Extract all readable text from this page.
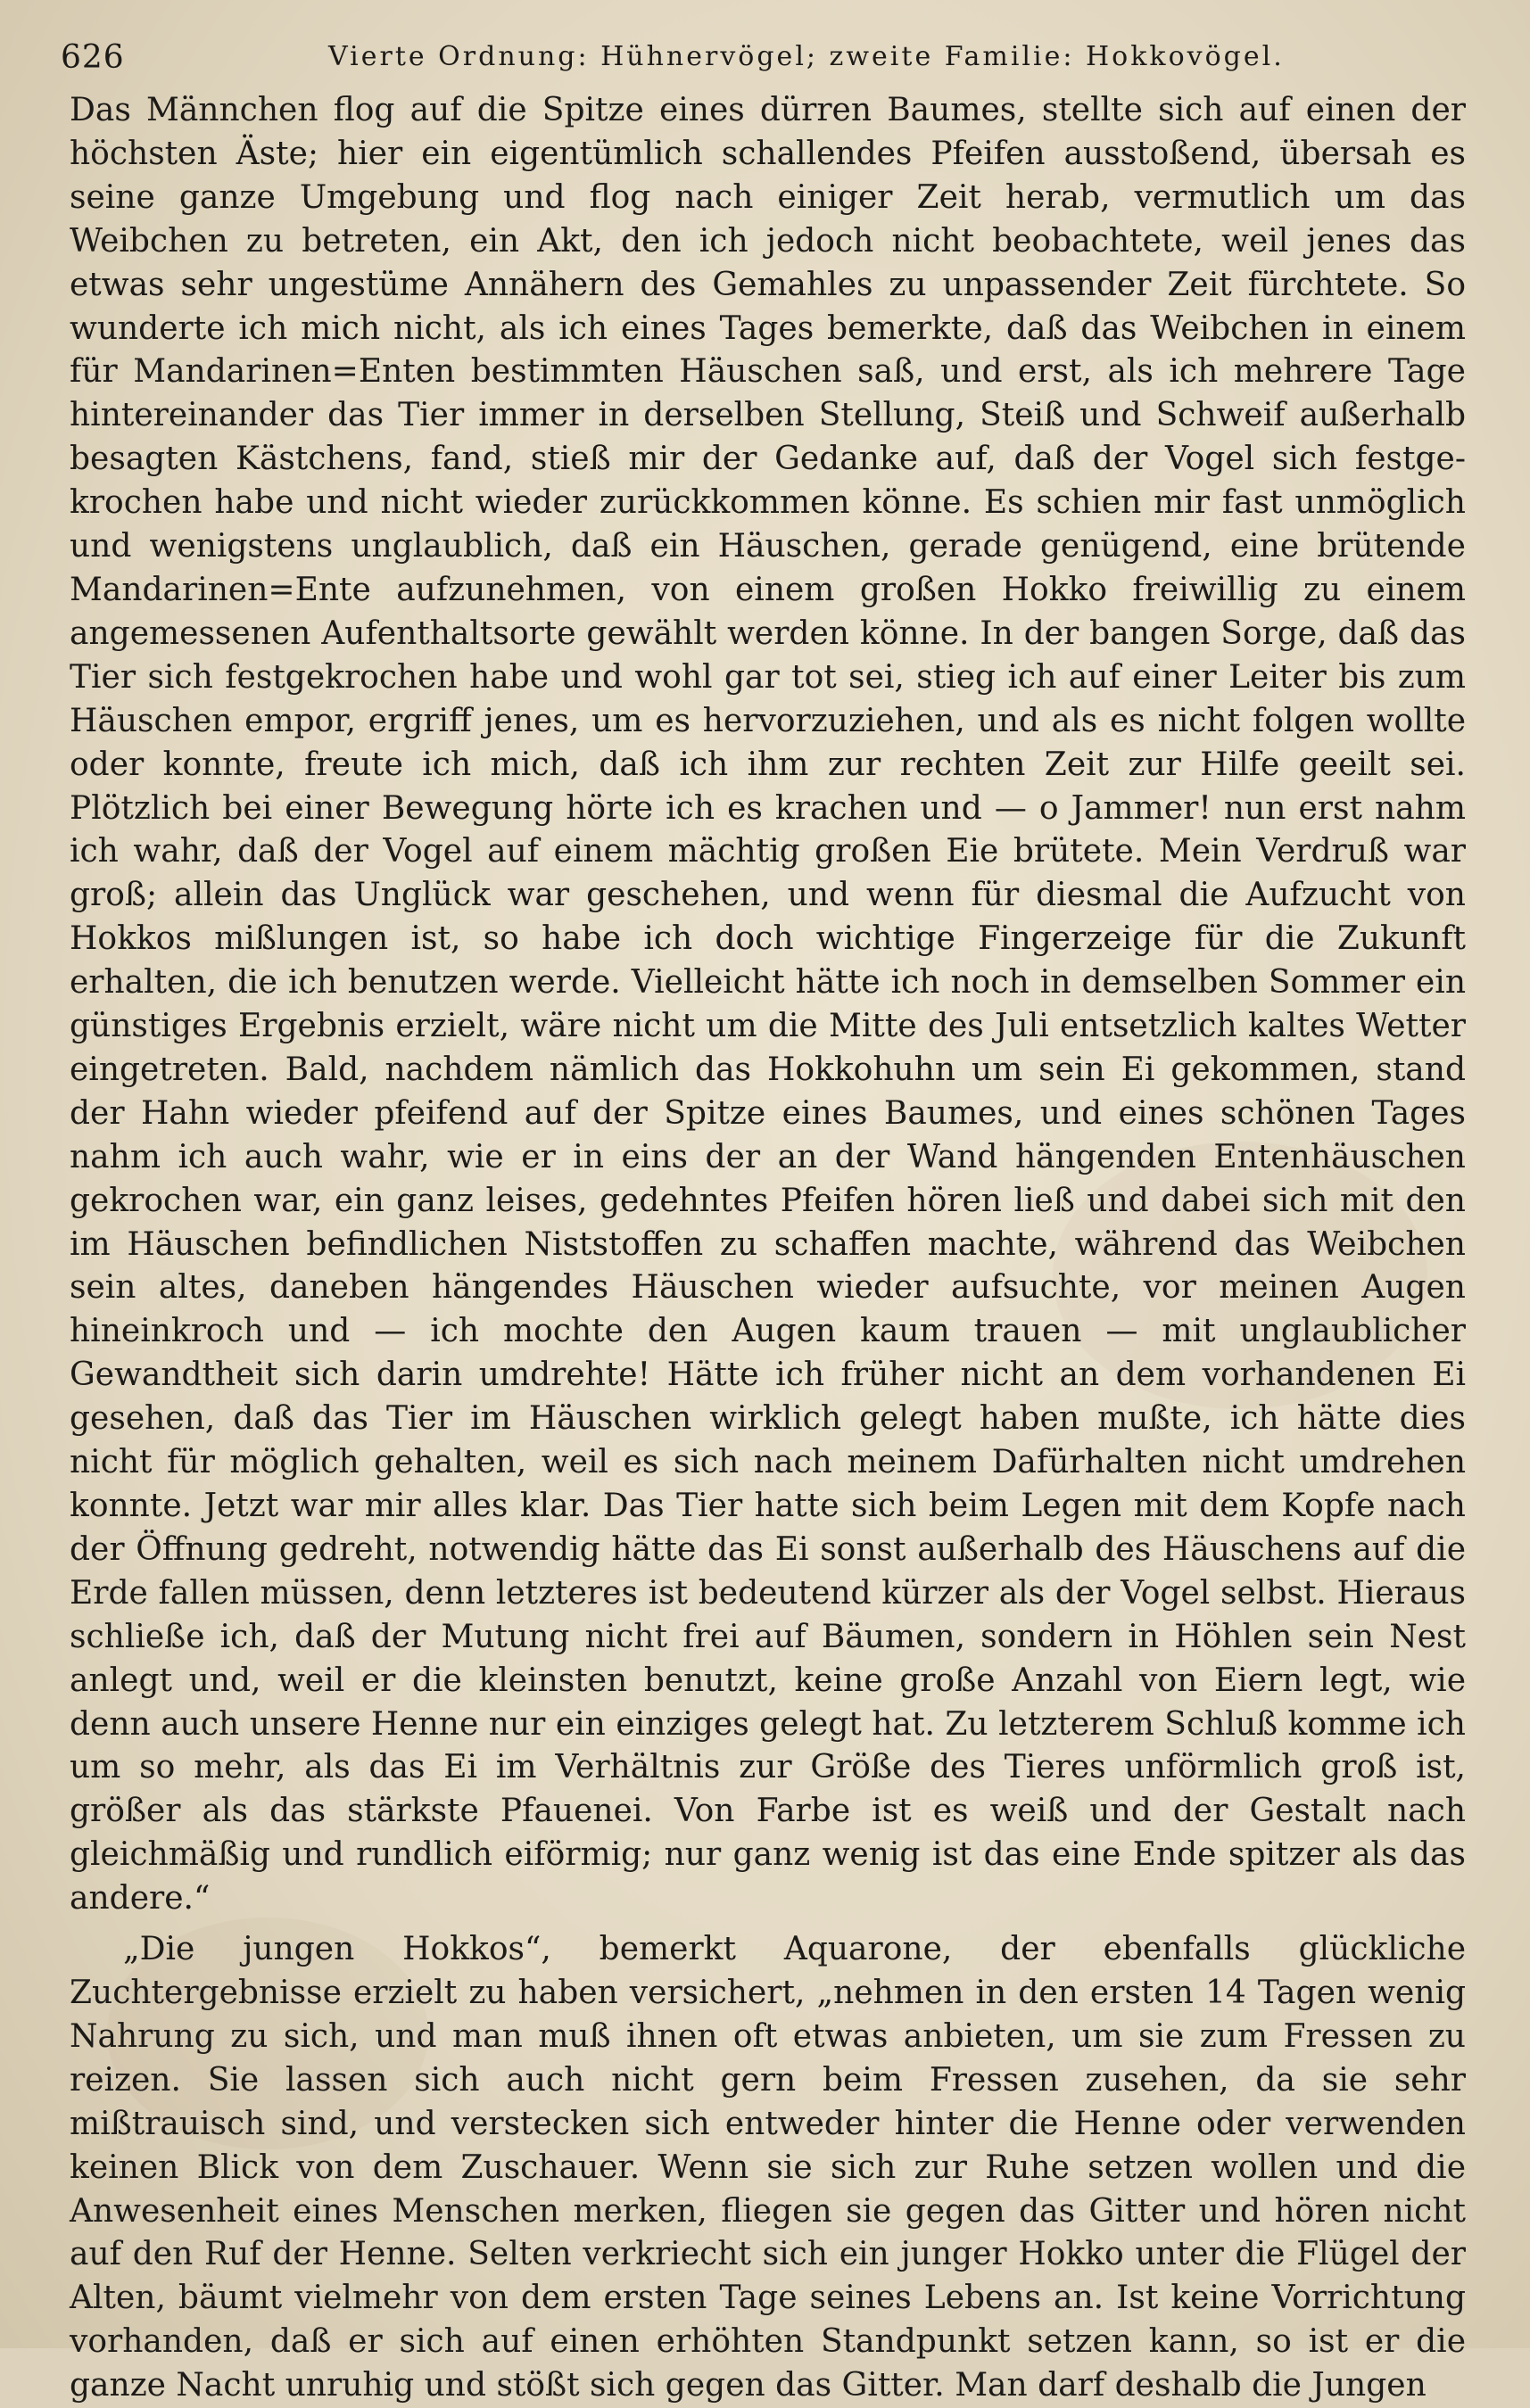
626	Vierte Ordnung: Hühnervögel; zweite Familie: Hokkovögel.

Das Männchen flog auf die Spitze eines dürren Baumes, stellte sich auf einen der höchsten Äste; hier ein eigentümlich schallendes Pfeifen ausstoßend, übersah es seine ganze Umgebung und flog nach einiger Zeit herab, vermutlich um das Weibchen zu betreten, ein Akt, den ich jedoch nicht beobachtete, weil jenes das etwas sehr ungestüme Annähern des Gemahles zu unpassender Zeit fürchtete. So wunderte ich mich nicht, als ich eines Tages bemerkte, daß das Weibchen in einem für Mandarinen=Enten bestimmten Häuschen saß, und erst, als ich mehrere Tage hintereinander das Tier immer in derselben Stellung, Steiß und Schweif außerhalb besagten Kästchens, fand, stieß mir der Gedanke auf, daß der Vogel sich festgekrochen habe und nicht wieder zurückkommen könne. Es schien mir fast unmöglich und wenigstens unglaublich, daß ein Häuschen, gerade genügend, eine brütende Mandarinen=Ente aufzunehmen, von einem großen Hokko freiwillig zu einem angemessenen Aufenthaltsorte gewählt werden könne. In der bangen Sorge, daß das Tier sich festgekrochen habe und wohl gar tot sei, stieg ich auf einer Leiter bis zum Häuschen empor, ergriff jenes, um es hervorzuziehen, und als es nicht folgen wollte oder konnte, freute ich mich, daß ich ihm zur rechten Zeit zur Hilfe geeilt sei. Plötzlich bei einer Bewegung hörte ich es krachen und — o Jammer! nun erst nahm ich wahr, daß der Vogel auf einem mächtig großen Eie brütete. Mein Verdruß war groß; allein das Unglück war geschehen, und wenn für diesmal die Aufzucht von Hokkos mißlungen ist, so habe ich doch wichtige Fingerzeige für die Zukunft erhalten, die ich benutzen werde. Vielleicht hätte ich noch in demselben Sommer ein günstiges Ergebnis erzielt, wäre nicht um die Mitte des Juli entsetzlich kaltes Wetter eingetreten. Bald, nachdem nämlich das Hokkohuhn um sein Ei gekommen, stand der Hahn wieder pfeifend auf der Spitze eines Baumes, und eines schönen Tages nahm ich auch wahr, wie er in eins der an der Wand hängenden Entenhäuschen gekrochen war, ein ganz leises, gedehntes Pfeifen hören ließ und dabei sich mit den im Häuschen befindlichen Niststoffen zu schaffen machte, während das Weibchen sein altes, daneben hängendes Häuschen wieder aufsuchte, vor meinen Augen hineinkroch und — ich mochte den Augen kaum trauen — mit unglaublicher Gewandtheit sich darin umdrehte! Hätte ich früher nicht an dem vorhandenen Ei gesehen, daß das Tier im Häuschen wirklich gelegt haben mußte, ich hätte dies nicht für möglich gehalten, weil es sich nach meinem Dafürhalten nicht umdrehen konnte. Jetzt war mir alles klar. Das Tier hatte sich beim Legen mit dem Kopfe nach der Öffnung gedreht, notwendig hätte das Ei sonst außerhalb des Häuschens auf die Erde fallen müssen, denn letzteres ist bedeutend kürzer als der Vogel selbst. Hieraus schließe ich, daß der Mutung nicht frei auf Bäumen, sondern in Höhlen sein Nest anlegt und, weil er die kleinsten benutzt, keine große Anzahl von Eiern legt, wie denn auch unsere Henne nur ein einziges gelegt hat. Zu letzterem Schluß komme ich um so mehr, als das Ei im Verhältnis zur Größe des Tieres unförmlich groß ist, größer als das stärkste Pfauenei. Von Farbe ist es weiß und der Gestalt nach gleichmäßig und rundlich eiförmig; nur ganz wenig ist das eine Ende spitzer als das andere.“

„Die jungen Hokkos“, bemerkt Aquarone, der ebenfalls glückliche Zuchtergebnisse erzielt zu haben versichert, „nehmen in den ersten 14 Tagen wenig Nahrung zu sich, und man muß ihnen oft etwas anbieten, um sie zum Fressen zu reizen. Sie lassen sich auch nicht gern beim Fressen zusehen, da sie sehr mißtrauisch sind, und verstecken sich entweder hinter die Henne oder verwenden keinen Blick von dem Zuschauer. Wenn sie sich zur Ruhe setzen wollen und die Anwesenheit eines Menschen merken, fliegen sie gegen das Gitter und hören nicht auf den Ruf der Henne. Selten verkriecht sich ein junger Hokko unter die Flügel der Alten, bäumt vielmehr von dem ersten Tage seines Lebens an. Ist keine Vorrichtung vorhanden, daß er sich auf einen erhöhten Standpunkt setzen kann, so ist er die ganze Nacht unruhig und stößt sich gegen das Gitter. Man darf deshalb die Jungen
